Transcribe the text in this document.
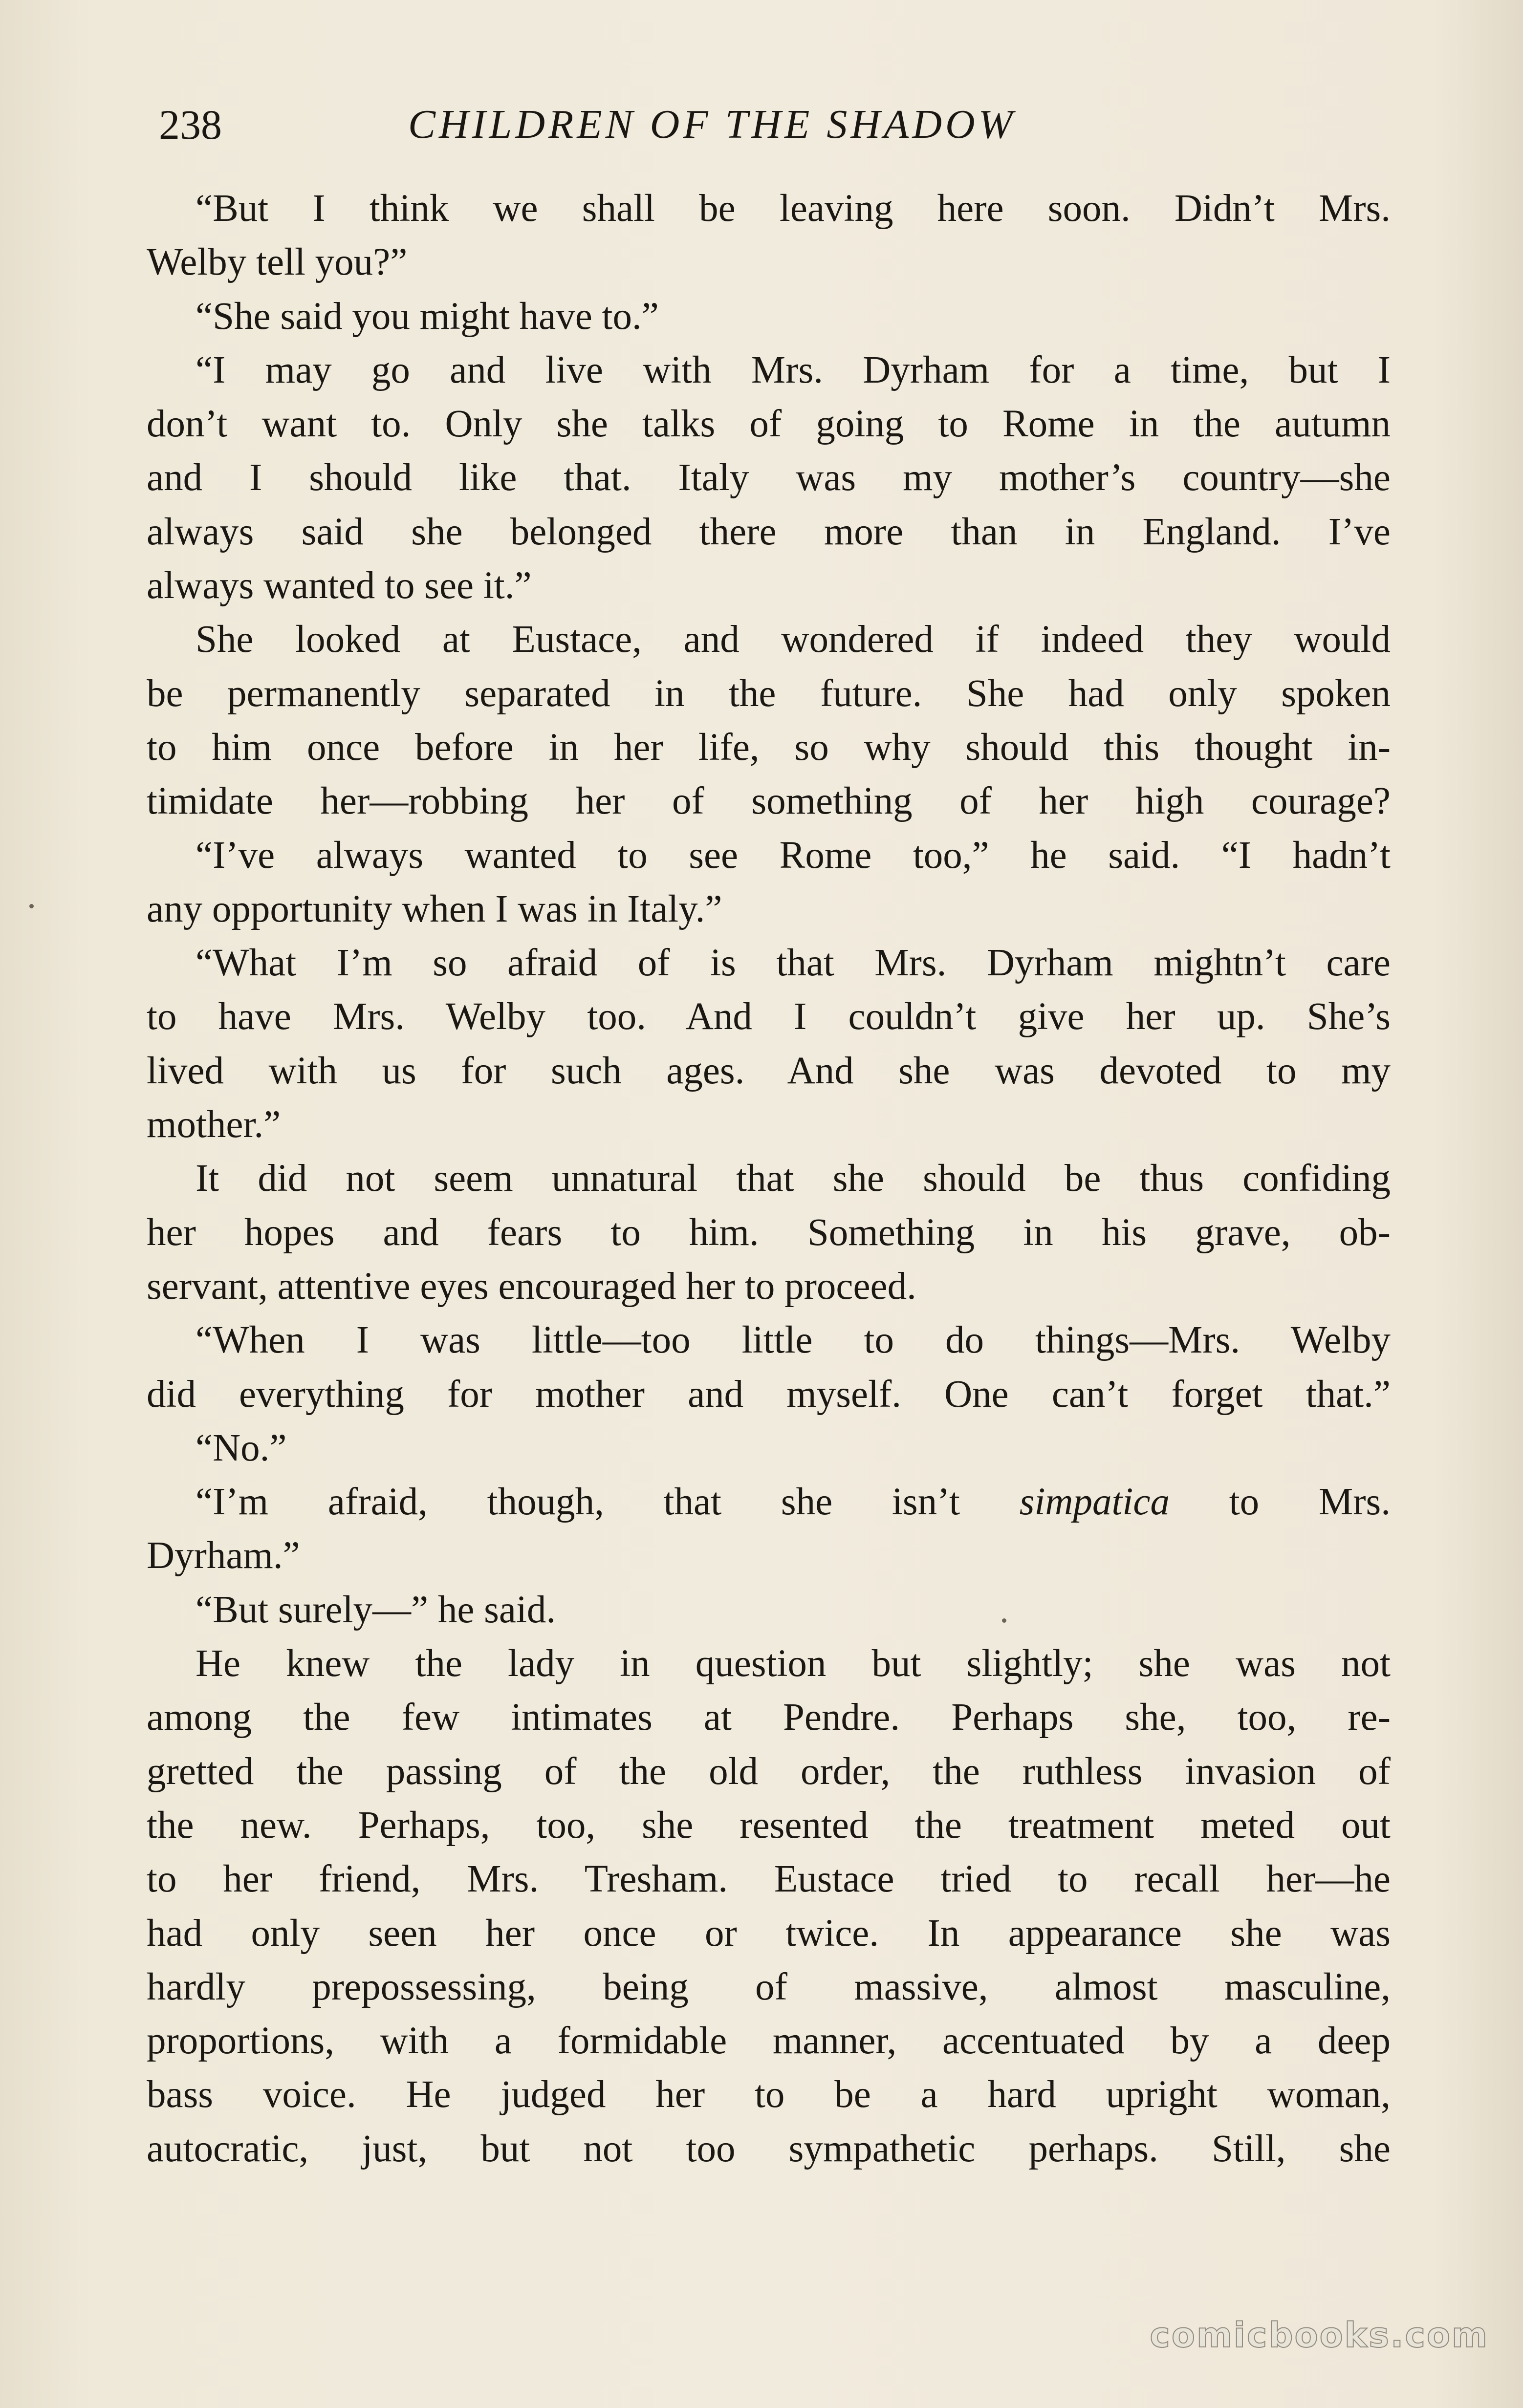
238	CHILDREN OF THE SHADOW
“But I think we shall be leaving here soon. Didn’t Mrs.
Welby tell you?”
“She said you might have to.”
“I may go and live with Mrs. Dyrham for a time, but I
don’t want to. Only she talks of going to Rome in the autumn
and I should like that. Italy was my mother’s country—she
always said she belonged there more than in England. I’ve
always wanted to see it.”
She looked at Eustace, and wondered if indeed they would
be permanently separated in the future. She had only spoken
to him once before in her life, so why should this thought in-
timidate her—robbing her of something of her high courage?
“I’ve always wanted to see Rome too,” he said. “I hadn’t
any opportunity when I was in Italy.”
“What I’m so afraid of is that Mrs. Dyrham mightn’t care
to have Mrs. Welby too. And I couldn’t give her up. She’s
lived with us for such ages. And she was devoted to my
mother.”
It did not seem unnatural that she should be thus confiding
her hopes and fears to him. Something in his grave, ob-
servant, attentive eyes encouraged her to proceed.
“When I was little—too little to do things—Mrs. Welby
did everything for mother and myself. One can’t forget that.”
“No.”
“I’m afraid, though, that she isn’t simpatica to Mrs.
Dyrham.”
“But surely—” he said.
He knew the lady in question but slightly; she was not
among the few intimates at Pendre. Perhaps she, too, re-
gretted the passing of the old order, the ruthless invasion of
the new. Perhaps, too, she resented the treatment meted out
to her friend, Mrs. Tresham. Eustace tried to recall her—he
had only seen her once or twice. In appearance she was
hardly prepossessing, being of massive, almost masculine,
proportions, with a formidable manner, accentuated by a deep
bass voice. He judged her to be a hard upright woman,
autocratic, just, but not too sympathetic perhaps. Still, she
comicbooks.com
